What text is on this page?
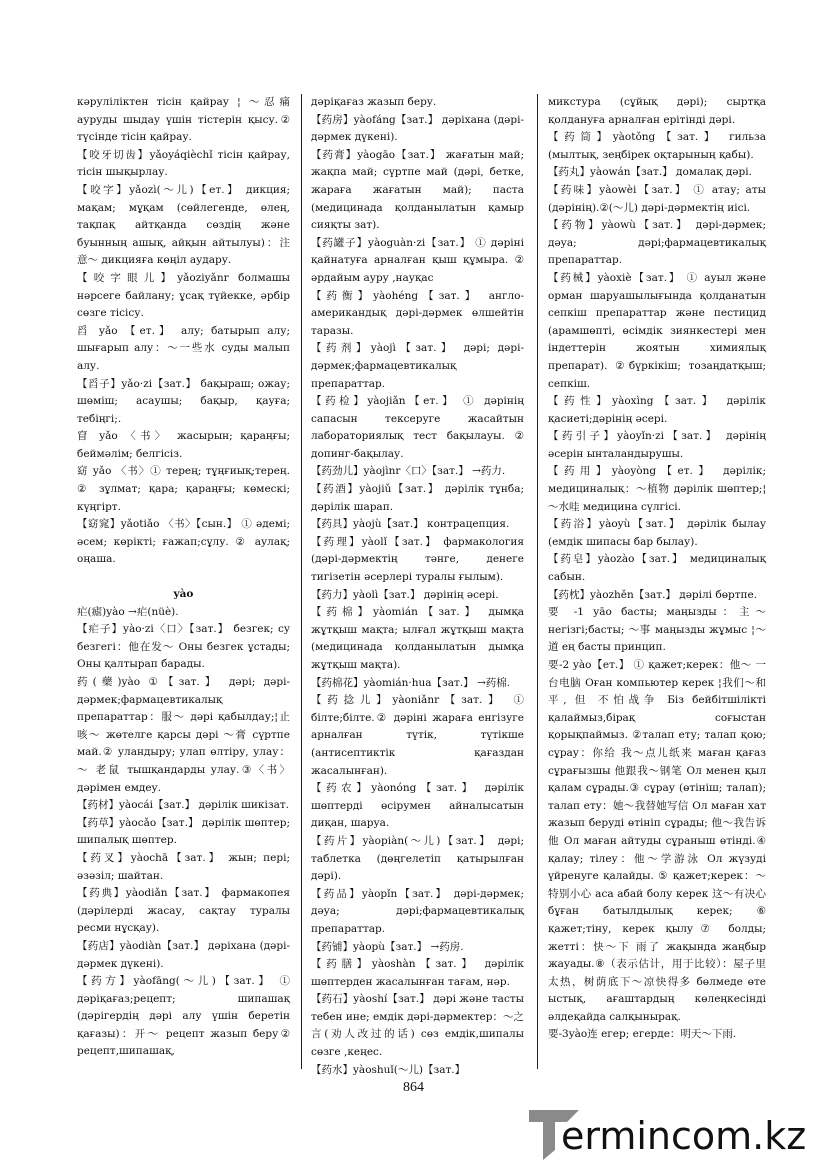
кəрулiлiктен тiсiн қайрау ¦ ～忍痛 ауруды шыдау үшiн тiстерiн қысу.② түсiнде тiсiн қайрау.

【咬牙切齿】yǎoyáqièchǐ тiсiн қайрау, тiсiн шықырлау.

【咬字】yǎozì(～儿)【ет.】 дикция; мақам; мұқам (сөйлегенде, өлең, тақпақ айтқанда сөздiң жəне буынның ашық, айқын айтылуы)：注意～ дикцияға көңiл аудару.

【咬字眼儿】yǎoziyǎnr болмашы нəрсеге байлану; ұсақ түйекке, əрбiр сөзге тiсiсу.

舀 yǎo 【ет.】 алу; батырып алу; шығарып алу：～一些水 суды малып алу.

【舀子】yǎo·zi【зат.】 бақыраш; ожау; шөмiш; асаушы; бақыр, қауға; тебiңгi;.

窅 yǎo 〈书〉 жасырын; қараңғы; беймəлiм; белгiсiз.

窈 yǎo 〈书〉① терең; тұңғиық;терең. ② зұлмат; қара; қараңғы; көмескi; күңгiрт.

【窈窕】yǎotiǎo 〈书〉【сын.】 ① əдемi; əсем; көрiктi; ғажап;сұлу. ② аулақ; оңаша.

yào

疟(瘧)yào →疟(nüè).

【疟子】yào·zi〈口〉【зат.】 безгек; су безгегi：他在发～ Оны безгек ұстады; Оны қалтырап барады.

药(藥)yào ①【зат.】 дəрi; дəрi-дəрмек;фармацевтикалық препараттар：服～ дəрi қабылдау;¦止 咳～ жөтелге қарсы дəрi ～膏 сүртпе май.② уландыру; улап өлтiру, улау：～ 老鼠 тышқандарды улау.③〈书〉 дəрiмен емдеу.

【药材】yàocái【зат.】 дəрiлiк шикiзат.

【药草】yàocǎo【зат.】 дəрiлiк шөптер; шипалық шөптер.

【药叉】yàochā【зат.】 жын; перi; əзəзiл; шайтан.

【药典】yàodiǎn【зат.】 фармакопея (дəрiлердi жасау, сақтау туралы ресми нұсқау).

【药店】yàodiàn【зат.】 дəрiхана (дəрi-дəрмек дүкенi).

【药方】yàofāng(～儿)【зат.】 ① дəрiқағаз;рецепт; шипашақ (дəрiгердiң дəрi алу үшiн беретiн қағазы)：开～ рецепт жазып беру② рецепт,шипашақ,

дəрiқағаз жазып беру.

【药房】yàofáng【зат.】 дəрiхана (дəрi-дəрмек дүкенi).

【药膏】yàogāo【зат.】 жағатын май; жақпа май; сүртпе май (дəрi, бетке, жараға жағатын май); паста (медицинада қолданылатын қамыр сияқты зат).

【药罐子】yàoguàn·zi【зат.】 ① дəрiнi қайнатуға арналған қыш құмыра. ② əрдайым ауру ,науқас

【药衡】yàohéng【зат.】 англо-американдық дəрi-дəрмек өлшейтiн таразы.

【药剂】yàojì【зат.】 дəрi; дəрi-дəрмек;фармацевтикалық препараттар.

【药检】yàojiǎn【ет.】 ① дəрiнiң сапасын тексеруге жасайтын лабораториялық тест бақылауы. ② допинг-бақылау.

【药劲儿】yàojìnr〈口〉【зат.】 →药力.

【药酒】yàojiǔ【зат.】 дəрiлiк тұнба; дəрiлiк шарап.

【药具】yàojù【зат.】 контрацепция.

【药理】yàolǐ【зат.】 фармакология (дəрi-дəрмектiң тəнге, денеге тигiзетiн əсерлерi туралы ғылым).

【药力】yàolì【зат.】 дəрiнiң əсерi.

【药棉】yàomián【зат.】 дымқа жұтқыш мақта; ылғал жұтқыш мақта (медицинада қолданылатын дымқа жұтқыш мақта).

【药棉花】yàomián·hua【зат.】 →药棉.

【药捻儿】yàoniǎnr【зат.】 ① білте;білте.② дəрiнi жараға енгiзуге арналған түтiк, түтiкше (антисептиктiк қағаздан жасалынған).

【药农】yàonóng【зат.】 дəрiлiк шөптердi өсiрумен айналысатын диқан, шаруа.

【药片】yàopiàn(～儿)【зат.】 дəрi; таблетка (дөңгелетiп қатырылған дəрi).

【药品】yàopǐn【зат.】 дəрi-дəрмек; дəуа; дəрi;фармацевтикалық препараттар.

【药铺】yàopù【зат.】 →药房.

【药膳】yàoshàn【зат.】 дəрiлiк шөптерден жасалынған тағам, нəр.

【药石】yàoshí【зат.】 дəрi және тасты тебен ине; емдiк дəрi-дəрмектер：～之言(劝人改过的话) сөз емдiк,шипалы сөзге ,кеңес.

【药水】yàoshuǐ(～儿)【зат.】

микстура (сұйық дəрi); сыртқа қолдануға арналған ерiтiндi дəрi.

【药筒】yàotǒng【зат.】 гильза (мылтық, зеңбiрек оқтарының қабы).

【药丸】yàowán【зат.】 домалақ дəрi.

【药味】yàowèi【зат.】 ① атау; аты (дəрiнiң).②(～儿) дəрi-дəрмектiң иiсi.

【药物】yàowù【зат.】 дəрi-дəрмек; дəуа; дəрi;фармацевтикалық препараттар.

【药械】yàoxiè【зат.】 ① ауыл жəне орман шаруашылығында қолданатын сепкiш препараттар жəне пестицид (арамшөптi, өсiмдiк зиянкестерi мен iндеттерiн жоятын химиялық препарат). ②бүркiкiш; тозаңдатқыш; сепкiш.

【药性】yàoxìng【зат.】 дəрiлiк қасиетi;дəрiнiң əсерi.

【药引子】yàoyǐn·zi【зат.】 дəрiнiң əсерiн ынталандырушы.

【药用】yàoyòng【ет.】 дəрiлiк; медициналық：～植物 дəрiлiк шөптер;¦～水哇 медицина сүлгiсi.

【药浴】yàoyù【зат.】 дəрiлiк былау (емдiк шипасы бар былау).

【药皂】yàozào【зат.】 медициналық сабын.

【药枕】yàozhěn【зат.】 дəрiлi бөртпе.

要 -1 yāo басты; маңызды：主～ негiзгi;басты; ～事 маңызды жұмыс ¦～道 ең басты принцип.

要-2 yào【ет.】 ① қажет;керек：他～ 一台电脑 Оған компьютер керек ¦我们～和平, 但 不怕战争 Бiз бейбiтшiлiктi қалаймыз,бiрақ соғыстан қорықпаймыз. ②талап ету; талап қою; сұрау：你给 我～点儿纸来 маған қағаз сұрағызшы 他跟我～钢笔 Ол менен қыл қалам сұрады.③ сұрау (өтiнiш; талап); талап ету：她～我替她写信 Ол маған хат жазып берудi өтiнiп сұрады; 他～我告诉他 Ол маған айтуды сұраныш өтiндi.④ қалау; тiлеу：他～学游泳 Ол жүзудi үйренуге қалайды. ⑤ қажет;керек：～特别小心 аса абай болу керек 这～有决心 бұған батылдылық керек; ⑥ қажет;тiну, керек қылу⑦ болды; жеттi：快～下 雨了 жақында жаңбыр жауады.⑧（表示估计，用于比较）：屋子里太热，树荫底下～凉快得多 бөлмеде өте ыстық, ағаштардың көлеңкесiндi əлдеқайда салқынырақ.

要-3yào连 егер; егерде：明天～下雨.

864
ermincom.kz
